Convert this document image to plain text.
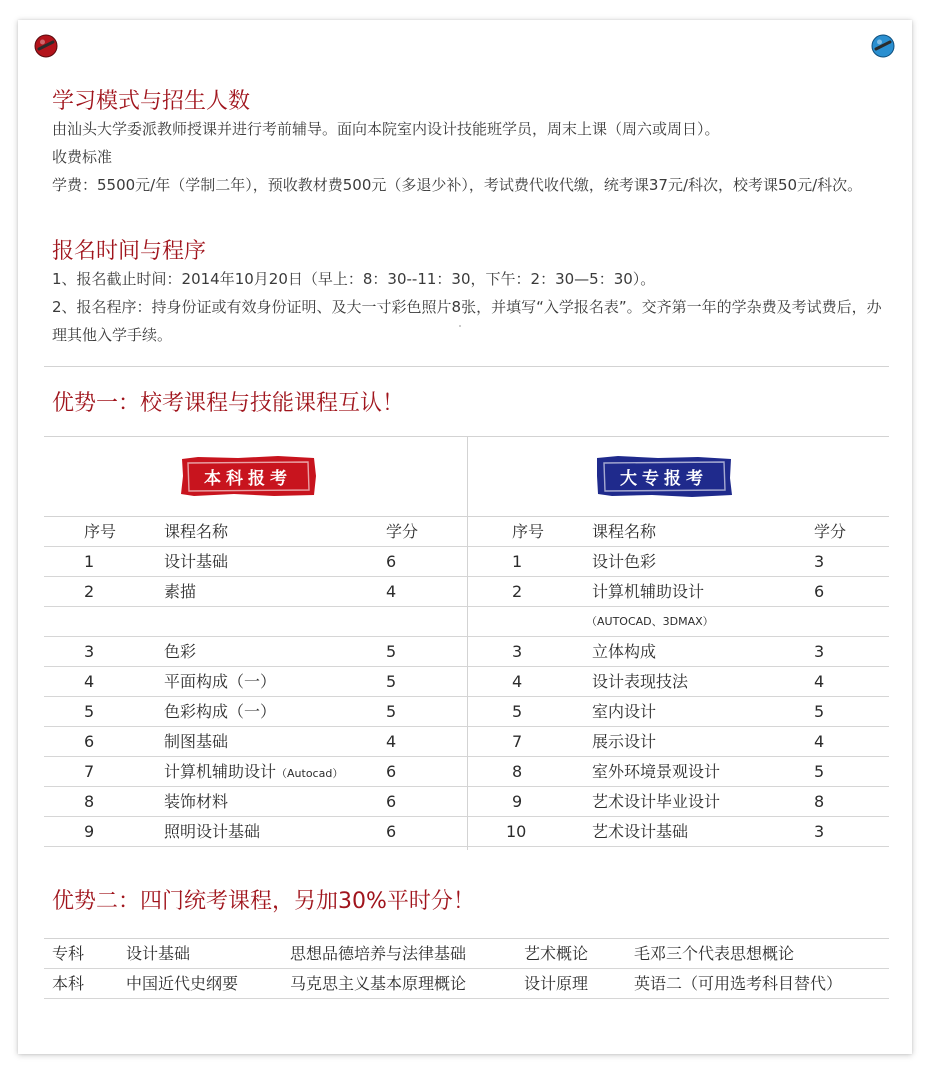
学习模式与招生人数
由汕头大学委派教师授课并进行考前辅导。面向本院室内设计技能班学员，周末上课（周六或周日）。
收费标准
学费：5500元/年（学制二年），预收教材费500元（多退少补），考试费代收代缴，统考课37元/科次，校考课50元/科次。
报名时间与程序
1、报名截止时间：2014年10月20日（早上：8：30--11：30，下午：2：30—5：30）。
2、报名程序：持身份证或有效身份证明、及大一寸彩色照片8张，并填写“入学报名表”。交齐第一年的学杂费及考试费后，办理其他入学手续。
优势一：校考课程与技能课程互认！
本科报考	大专报考
序号	课程名称	学分
1	设计基础	6
2	素描	4
3	色彩	5
4	平面构成（一）	5
5	色彩构成（一）	5
6	制图基础	4
7	计算机辅助设计（Autocad）	6
8	装饰材料	6
9	照明设计基础	6
序号	课程名称	学分
1	设计色彩	3
2	计算机辅助设计	6
（AUTOCAD、3DMAX）
3	立体构成	3
4	设计表现技法	4
5	室内设计	5
7	展示设计	4
8	室外环境景观设计	5
9	艺术设计毕业设计	8
10	艺术设计基础	3
优势二：四门统考课程，另加30%平时分！
专科	设计基础	思想品德培养与法律基础	艺术概论	毛邓三个代表思想概论
本科	中国近代史纲要	马克思主义基本原理概论	设计原理	英语二（可用选考科目替代）
